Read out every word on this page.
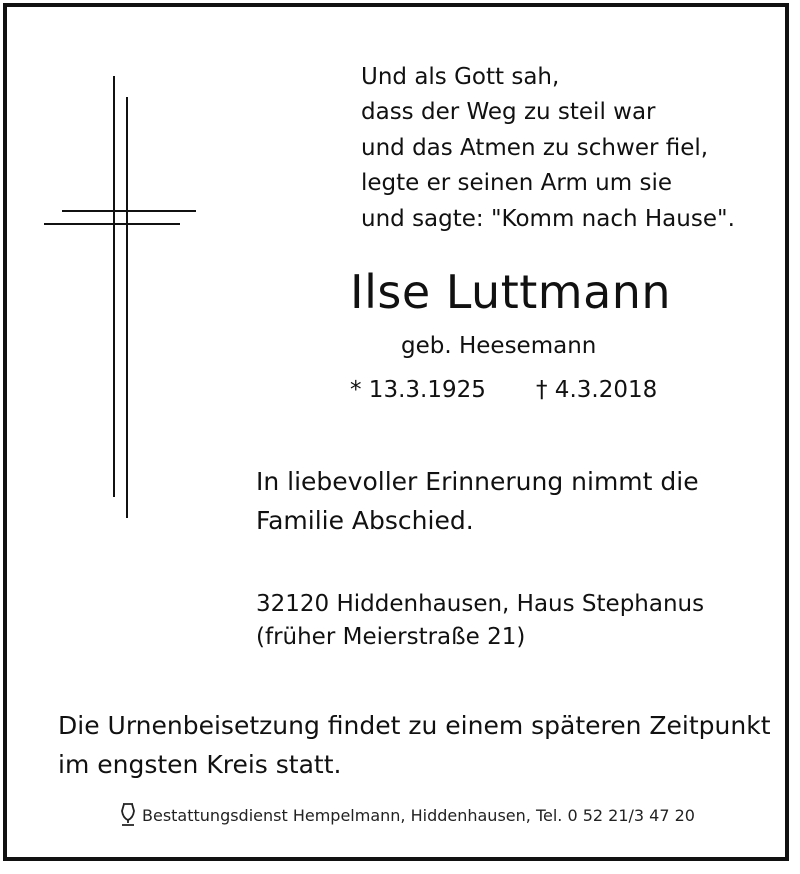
Und als Gott sah,
dass der Weg zu steil war
und das Atmen zu schwer fiel,
legte er seinen Arm um sie
und sagte: "Komm nach Hause".
Ilse Luttmann
geb. Heesemann
* 13.3.1925 † 4.3.2018
In liebevoller Erinnerung nimmt die
Familie Abschied.
32120 Hiddenhausen, Haus Stephanus
(früher Meierstraße 21)
Die Urnenbeisetzung findet zu einem späteren Zeitpunkt
im engsten Kreis statt.
Bestattungsdienst Hempelmann, Hiddenhausen, Tel. 0 52 21/3 47 20
